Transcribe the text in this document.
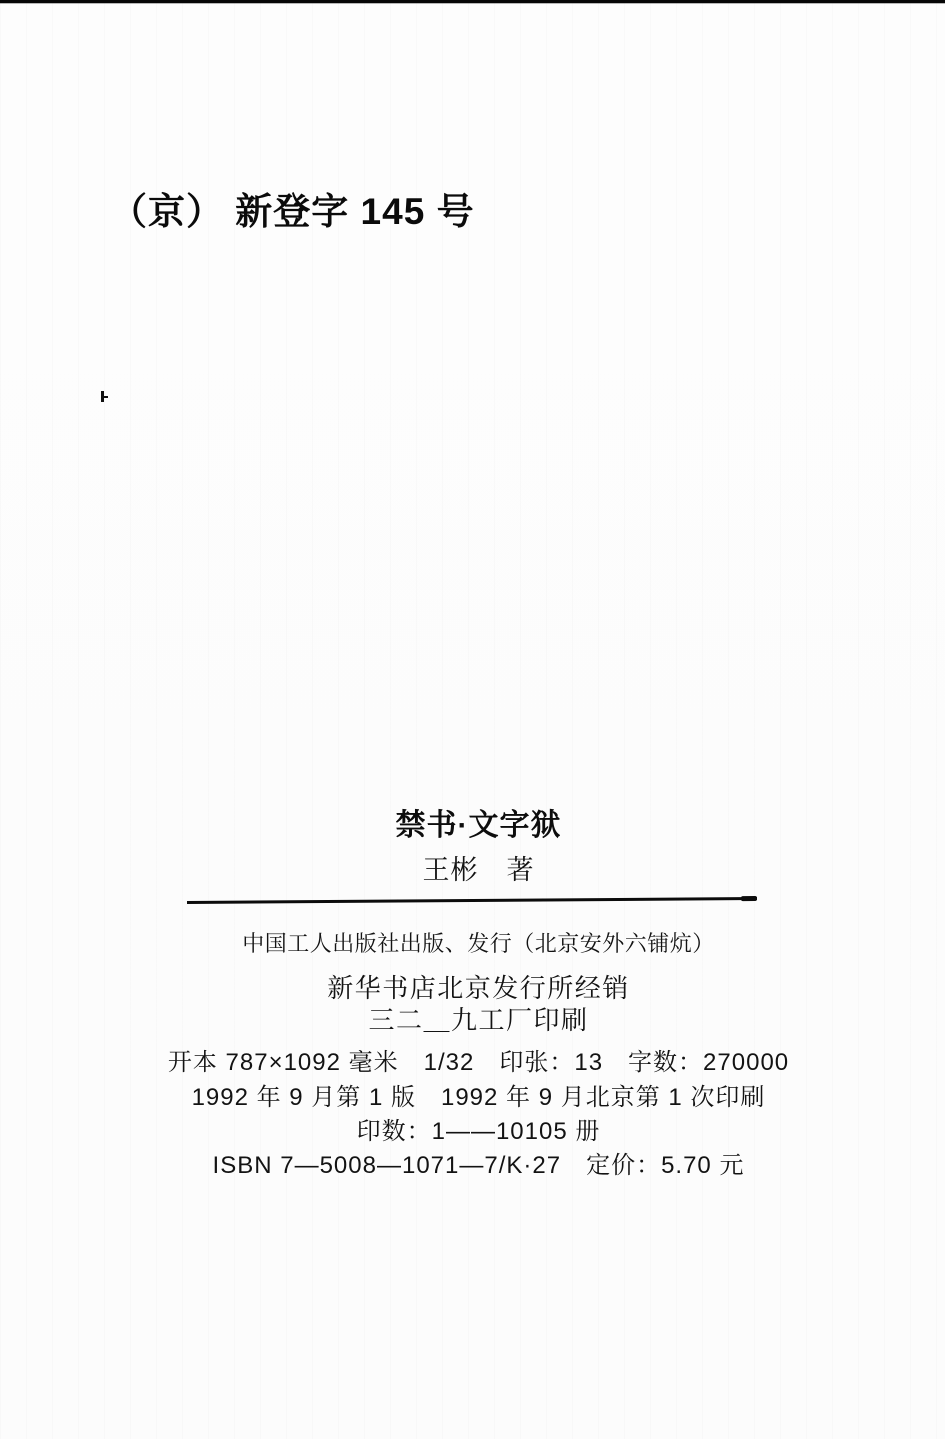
（京） 新登字 145 号
禁书·文字狱
王彬　著
中国工人出版社出版、发行（北京安外六铺炕）
新华书店北京发行所经销
三二＿九工厂印刷
开本 787×1092 毫米　1/32　印张：13　字数：270000
1992 年 9 月第 1 版　1992 年 9 月北京第 1 次印刷
印数：1——10105 册
ISBN 7—5008—1071—7/K·27　定价：5.70 元
